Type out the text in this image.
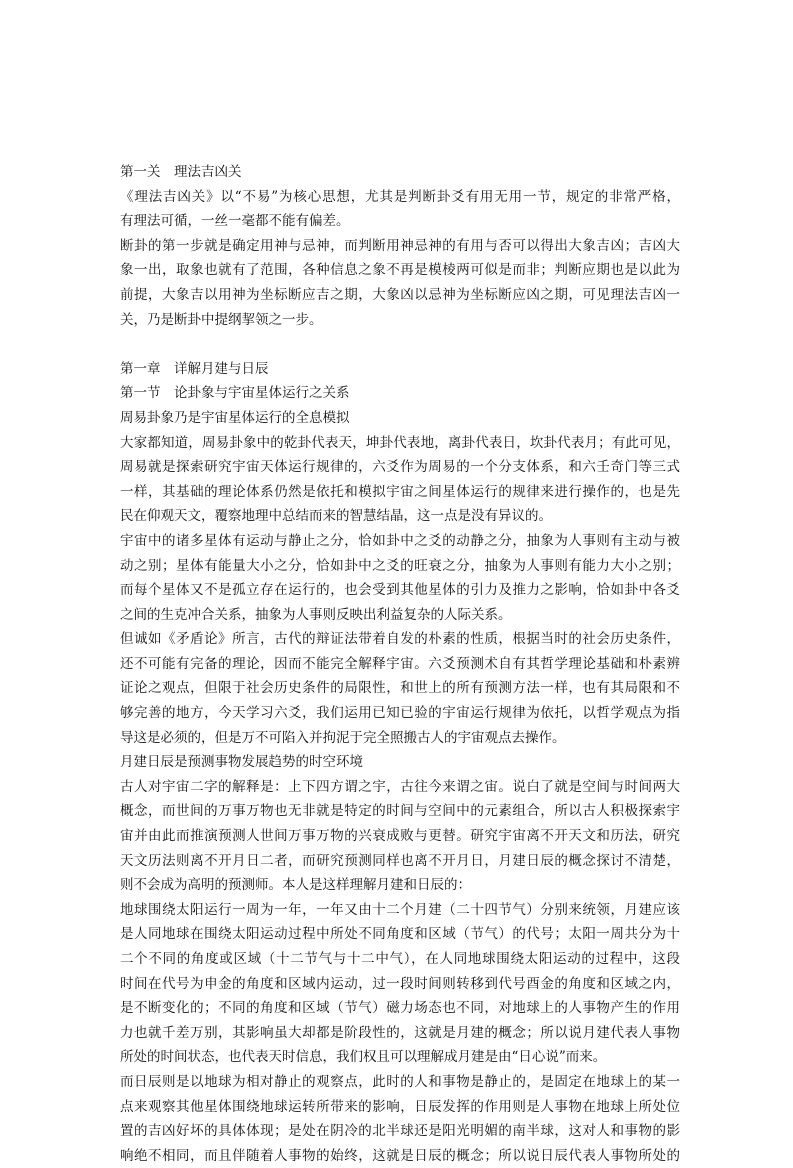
第一关　理法吉凶关
《理法吉凶关》以“不易”为核心思想，尤其是判断卦爻有用无用一节，规定的非常严格，
有理法可循，一丝一毫都不能有偏差。
断卦的第一步就是确定用神与忌神，而判断用神忌神的有用与否可以得出大象吉凶；吉凶大
象一出，取象也就有了范围，各种信息之象不再是模棱两可似是而非；判断应期也是以此为
前提，大象吉以用神为坐标断应吉之期，大象凶以忌神为坐标断应凶之期，可见理法吉凶一
关，乃是断卦中提纲挈领之一步。
第一章　详解月建与日辰
第一节　论卦象与宇宙星体运行之关系
周易卦象乃是宇宙星体运行的全息模拟
大家都知道，周易卦象中的乾卦代表天，坤卦代表地，离卦代表日，坎卦代表月；有此可见，
周易就是探索研究宇宙天体运行规律的，六爻作为周易的一个分支体系，和六壬奇门等三式
一样，其基础的理论体系仍然是依托和模拟宇宙之间星体运行的规律来进行操作的，也是先
民在仰观天文，覆察地理中总结而来的智慧结晶，这一点是没有异议的。
宇宙中的诸多星体有运动与静止之分，恰如卦中之爻的动静之分，抽象为人事则有主动与被
动之别；星体有能量大小之分，恰如卦中之爻的旺衰之分，抽象为人事则有能力大小之别；
而每个星体又不是孤立存在运行的，也会受到其他星体的引力及推力之影响，恰如卦中各爻
之间的生克冲合关系，抽象为人事则反映出利益复杂的人际关系。
但诚如《矛盾论》所言，古代的辩证法带着自发的朴素的性质，根据当时的社会历史条件，
还不可能有完备的理论，因而不能完全解释宇宙。六爻预测术自有其哲学理论基础和朴素辨
证论之观点，但限于社会历史条件的局限性，和世上的所有预测方法一样，也有其局限和不
够完善的地方，今天学习六爻，我们运用已知已验的宇宙运行规律为依托，以哲学观点为指
导这是必须的，但是万不可陷入并拘泥于完全照搬古人的宇宙观点去操作。
月建日辰是预测事物发展趋势的时空环境
古人对宇宙二字的解释是：上下四方谓之宇，古往今来谓之宙。说白了就是空间与时间两大
概念，而世间的万事万物也无非就是特定的时间与空间中的元素组合，所以古人积极探索宇
宙并由此而推演预测人世间万事万物的兴衰成败与更替。研究宇宙离不开天文和历法，研究
天文历法则离不开月日二者，而研究预测同样也离不开月日，月建日辰的概念探讨不清楚，
则不会成为高明的预测师。本人是这样理解月建和日辰的：
地球围绕太阳运行一周为一年，一年又由十二个月建（二十四节气）分别来统领，月建应该
是人同地球在围绕太阳运动过程中所处不同角度和区域（节气）的代号；太阳一周共分为十
二个不同的角度或区域（十二节气与十二中气），在人同地球围绕太阳运动的过程中，这段
时间在代号为申金的角度和区域内运动，过一段时间则转移到代号酉金的角度和区域之内，
是不断变化的；不同的角度和区域（节气）磁力场态也不同，对地球上的人事物产生的作用
力也就千差万别，其影响虽大却都是阶段性的，这就是月建的概念；所以说月建代表人事物
所处的时间状态，也代表天时信息，我们权且可以理解成月建是由“日心说”而来。
而日辰则是以地球为相对静止的观察点，此时的人和事物是静止的，是固定在地球上的某一
点来观察其他星体围绕地球运转所带来的影响，日辰发挥的作用则是人事物在地球上所处位
置的吉凶好坏的具体体现；是处在阴冷的北半球还是阳光明媚的南半球，这对人和事物的影
响绝不相同，而且伴随着人事物的始终，这就是日辰的概念；所以说日辰代表人事物所处的
